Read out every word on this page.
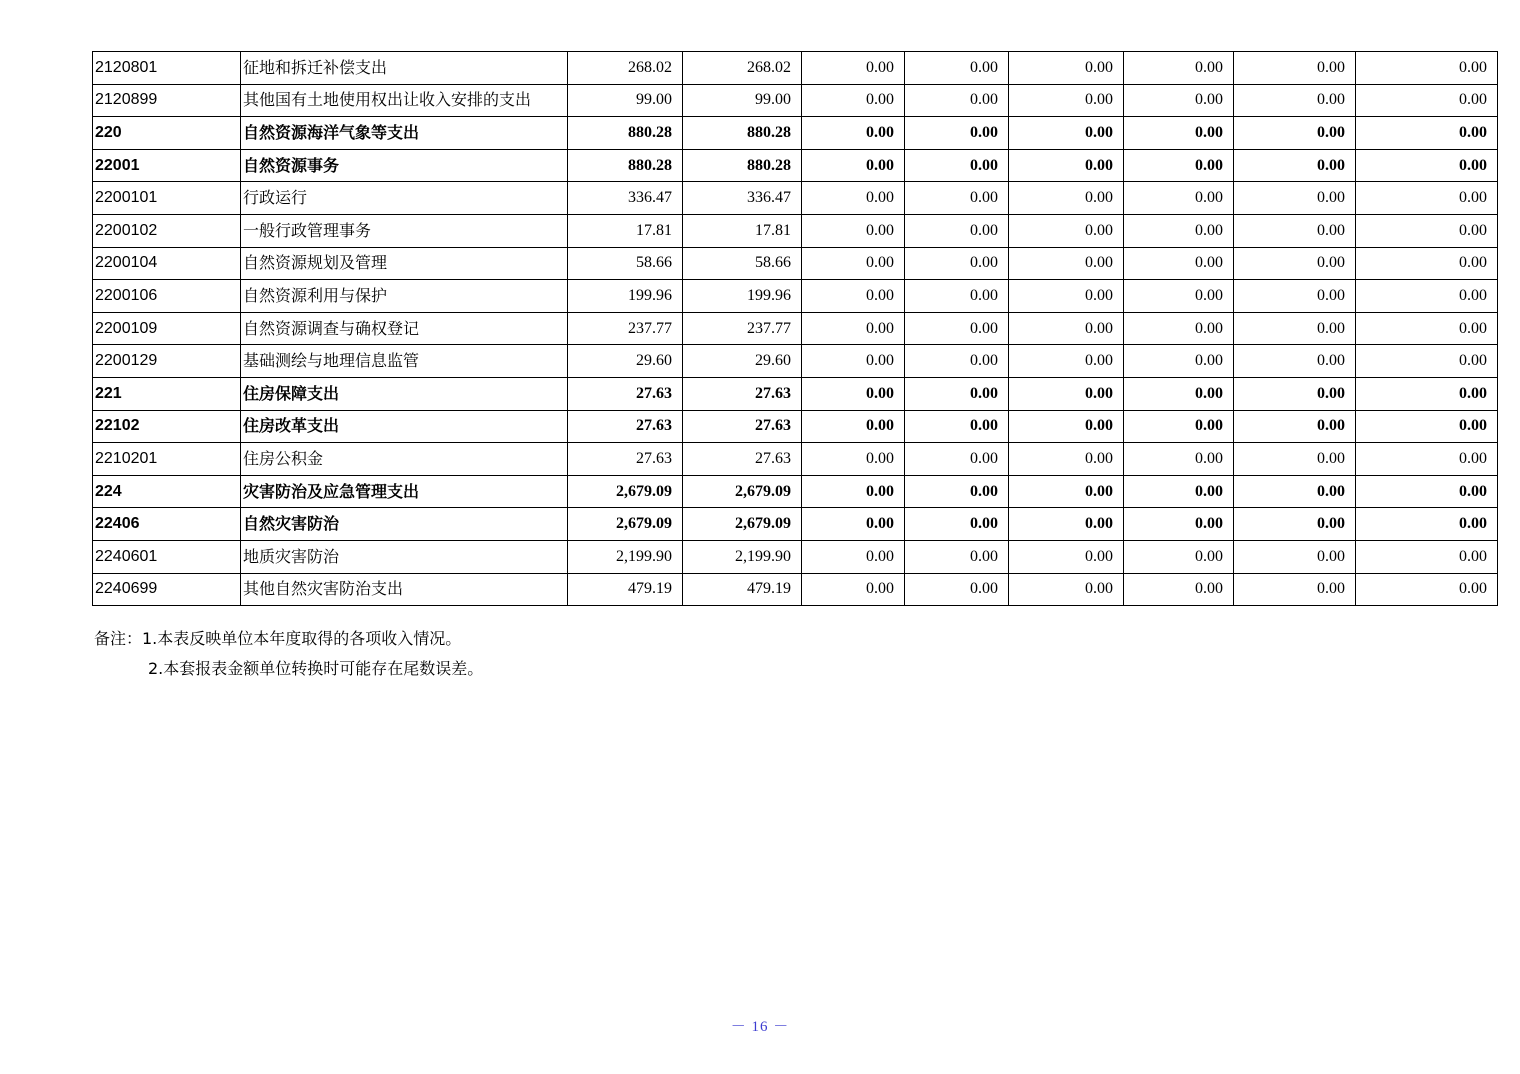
2120801	征地和拆迁补偿支出	268.02	268.02	0.00	0.00	0.00	0.00	0.00	0.00
2120899	其他国有土地使用权出让收入安排的支出	99.00	99.00	0.00	0.00	0.00	0.00	0.00	0.00
220	自然资源海洋气象等支出	880.28	880.28	0.00	0.00	0.00	0.00	0.00	0.00
22001	自然资源事务	880.28	880.28	0.00	0.00	0.00	0.00	0.00	0.00
2200101	行政运行	336.47	336.47	0.00	0.00	0.00	0.00	0.00	0.00
2200102	一般行政管理事务	17.81	17.81	0.00	0.00	0.00	0.00	0.00	0.00
2200104	自然资源规划及管理	58.66	58.66	0.00	0.00	0.00	0.00	0.00	0.00
2200106	自然资源利用与保护	199.96	199.96	0.00	0.00	0.00	0.00	0.00	0.00
2200109	自然资源调查与确权登记	237.77	237.77	0.00	0.00	0.00	0.00	0.00	0.00
2200129	基础测绘与地理信息监管	29.60	29.60	0.00	0.00	0.00	0.00	0.00	0.00
221	住房保障支出	27.63	27.63	0.00	0.00	0.00	0.00	0.00	0.00
22102	住房改革支出	27.63	27.63	0.00	0.00	0.00	0.00	0.00	0.00
2210201	住房公积金	27.63	27.63	0.00	0.00	0.00	0.00	0.00	0.00
224	灾害防治及应急管理支出	2,679.09	2,679.09	0.00	0.00	0.00	0.00	0.00	0.00
22406	自然灾害防治	2,679.09	2,679.09	0.00	0.00	0.00	0.00	0.00	0.00
2240601	地质灾害防治	2,199.90	2,199.90	0.00	0.00	0.00	0.00	0.00	0.00
2240699	其他自然灾害防治支出	479.19	479.19	0.00	0.00	0.00	0.00	0.00	0.00
备注：1.本表反映单位本年度取得的各项收入情况。
2.本套报表金额单位转换时可能存在尾数误差。
－ 16 －
